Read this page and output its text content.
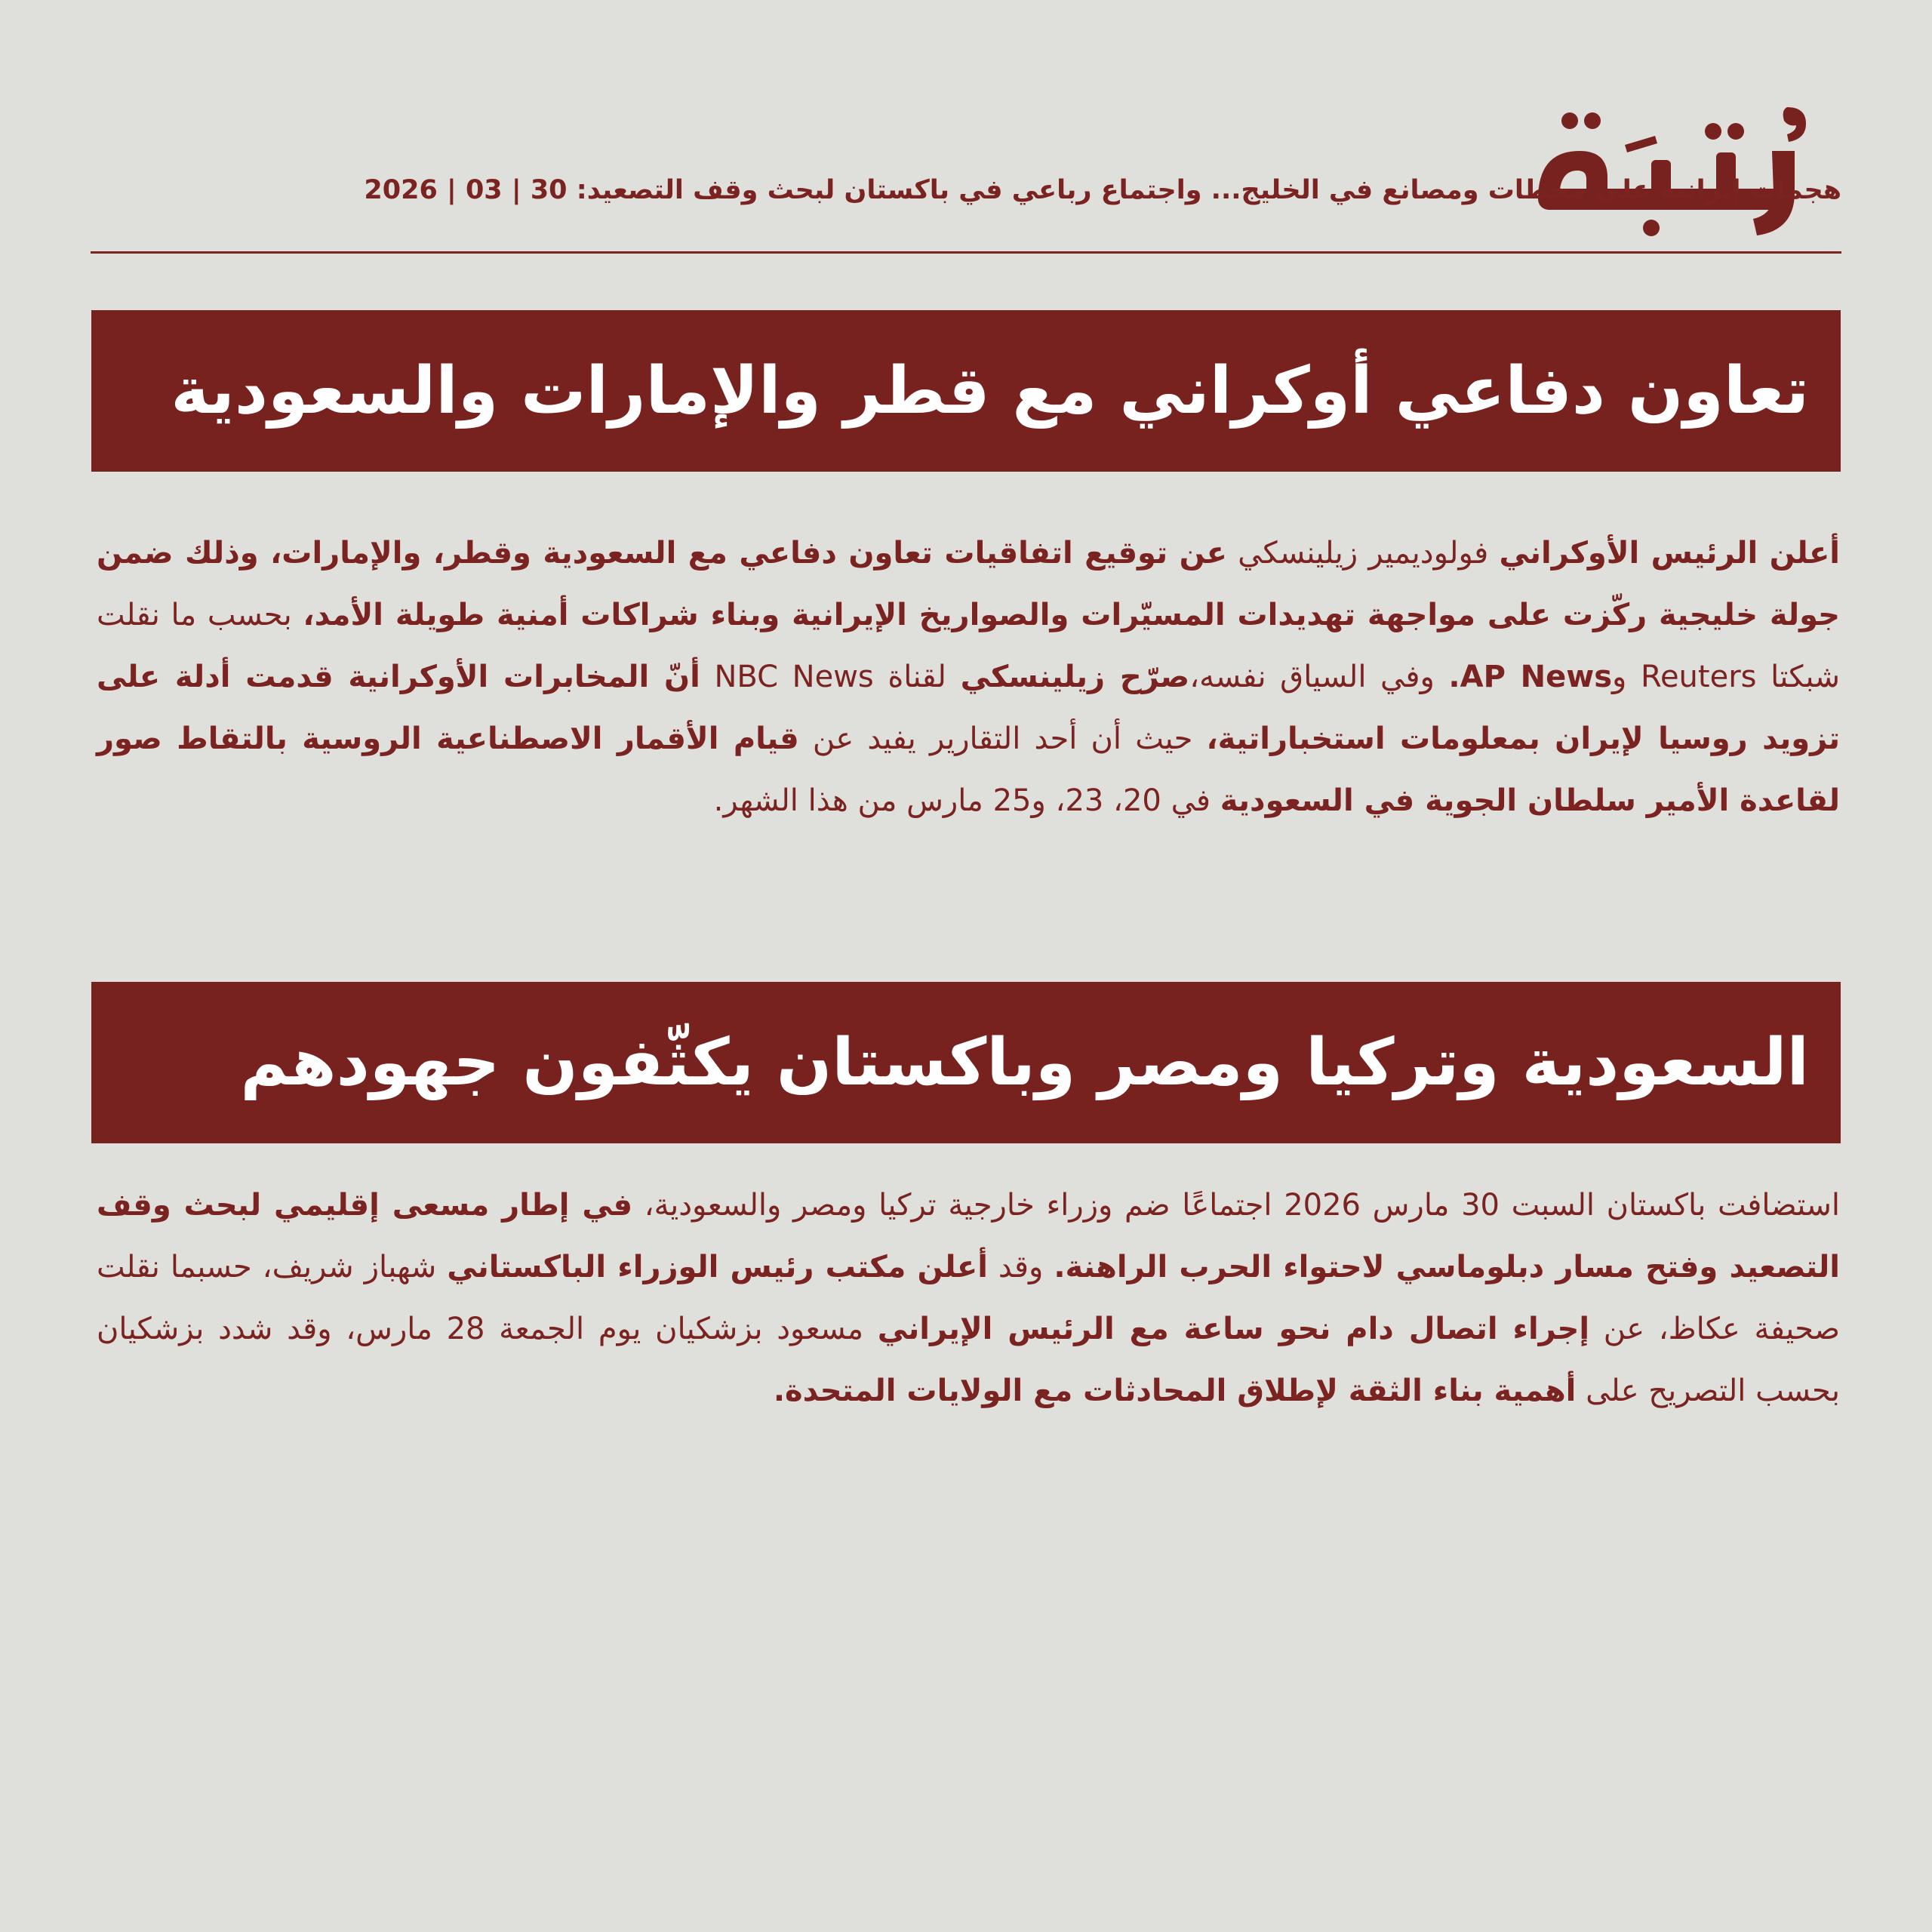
هجمات إيرانية على محطات ومصانع في الخليج... واجتماع رباعي في باكستان لبحث وقف التصعيد: 2026 | 03 | 30
تعاون دفاعي أوكراني مع قطر والإمارات والسعودية
أعلن الرئيس الأوكراني فولوديمير زيلينسكي عن توقيع اتفاقيات تعاون دفاعي مع السعودية وقطر، والإمارات، وذلك ضمن جولة خليجية ركّزت على مواجهة تهديدات المسيّرات والصواريخ الإيرانية وبناء شراكات أمنية طويلة الأمد، بحسب ما نقلت شبكتا Reuters وAP News. وفي السياق نفسه،صرّح زيلينسكي لقناة NBC News أنّ المخابرات الأوكرانية قدمت أدلة على تزويد روسيا لإيران بمعلومات استخباراتية، حيث أن أحد التقارير يفيد عن قيام الأقمار الاصطناعية الروسية بالتقاط صور لقاعدة الأمير سلطان الجوية في السعودية في 20، 23، و25 مارس من هذا الشهر.
السعودية وتركيا ومصر وباكستان يكثّفون جهودهم
استضافت باكستان السبت 30 مارس 2026 اجتماعًا ضم وزراء خارجية تركيا ومصر والسعودية، في إطار مسعى إقليمي لبحث وقف التصعيد وفتح مسار دبلوماسي لاحتواء الحرب الراهنة. وقد أعلن مكتب رئيس الوزراء الباكستاني شهباز شريف، حسبما نقلت صحيفة عكاظ، عن إجراء اتصال دام نحو ساعة مع الرئيس الإيراني مسعود بزشكيان يوم الجمعة 28 مارس، وقد شدد بزشكيان بحسب التصريح على أهمية بناء الثقة لإطلاق المحادثات مع الولايات المتحدة.
